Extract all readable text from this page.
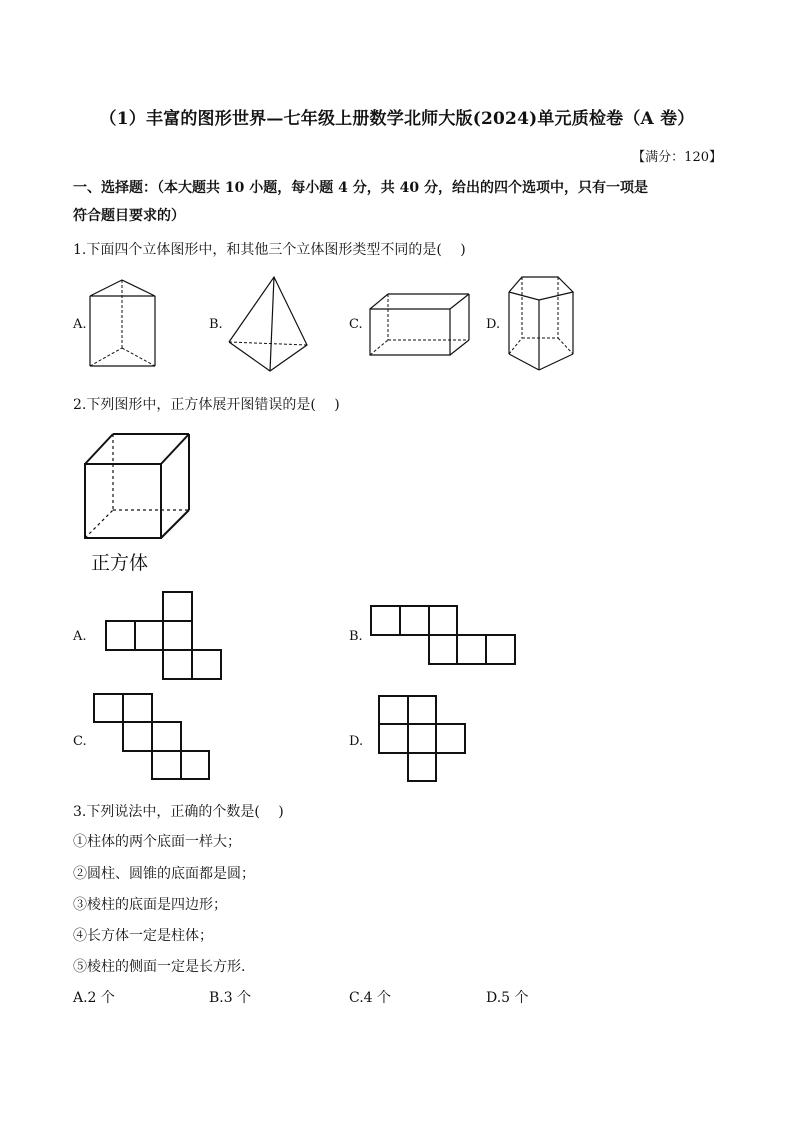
（1）丰富的图形世界—七年级上册数学北师大版(2024)单元质检卷（A 卷）
【满分：120】
一、选择题：（本大题共 10 小题，每小题 4 分，共 40 分，给出的四个选项中，只有一项是
符合题目要求的）
1.下面四个立体图形中，和其他三个立体图形类型不同的是(　 )
A.	B.	C.	D.
2.下列图形中，正方体展开图错误的是(　 )
正方体
A.	B.
C.	D.
3.下列说法中，正确的个数是(　 )
①柱体的两个底面一样大；
②圆柱、圆锥的底面都是圆；
③棱柱的底面是四边形；
④长方体一定是柱体；
⑤棱柱的侧面一定是长方形.
A.2 个	B.3 个	C.4 个	D.5 个
